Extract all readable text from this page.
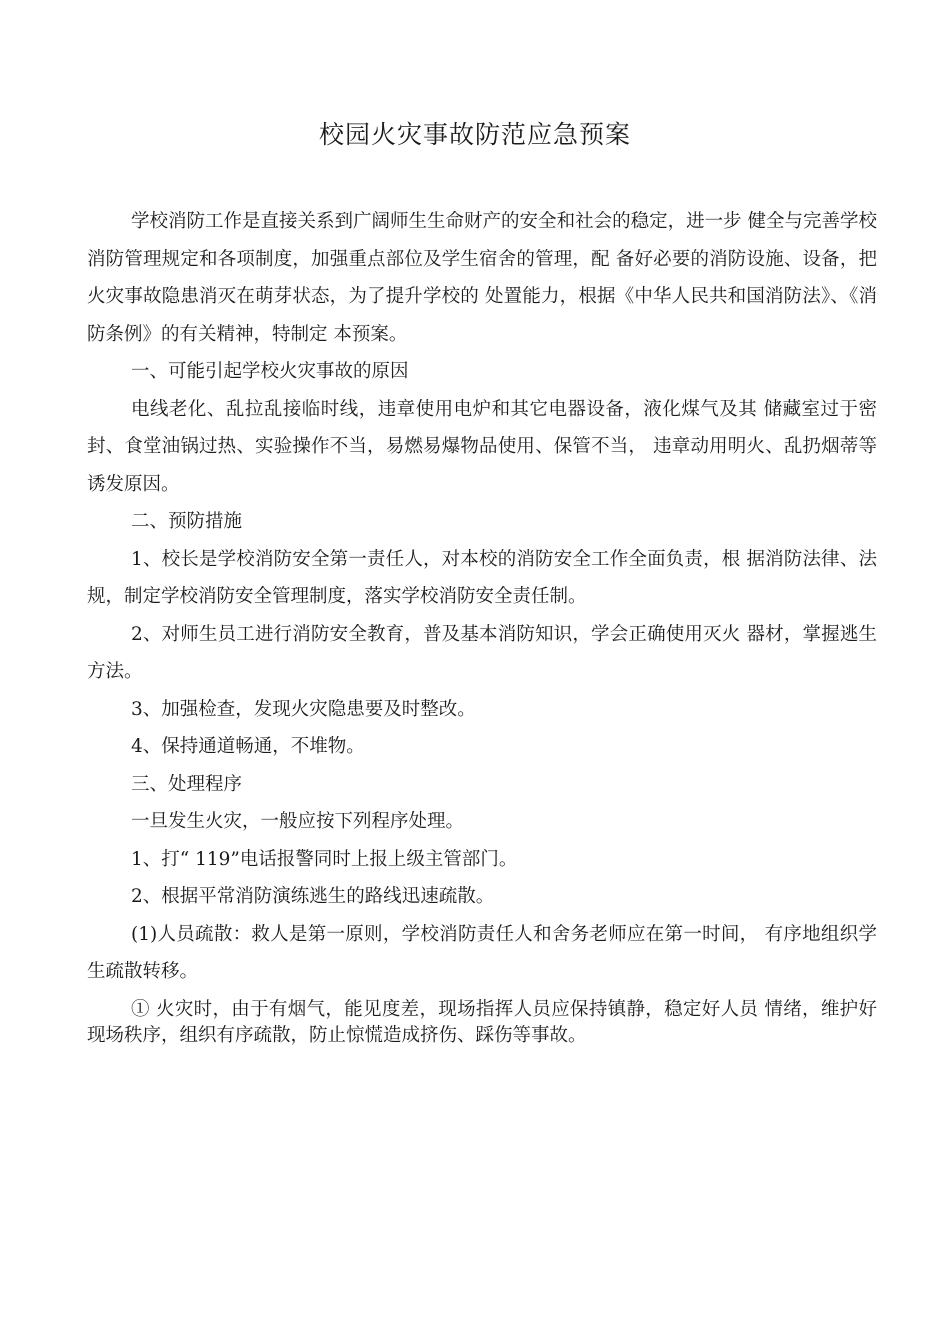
校园火灾事故防范应急预案

学校消防工作是直接关系到广阔师生生命财产的安全和社会的稳定，进一步 健全与完善学校消防管理规定和各项制度，加强重点部位及学生宿舍的管理，配 备好必要的消防设施、设备，把火灾事故隐患消灭在萌芽状态，为了提升学校的 处置能力，根据《中华人民共和国消防法》、《消防条例》的有关精神，特制定 本预案。

一、可能引起学校火灾事故的原因

电线老化、乱拉乱接临时线，违章使用电炉和其它电器设备，液化煤气及其 储藏室过于密封、食堂油锅过热、实验操作不当，易燃易爆物品使用、保管不当， 违章动用明火、乱扔烟蒂等诱发原因。

二、预防措施

1、校长是学校消防安全第一责任人，对本校的消防安全工作全面负责，根 据消防法律、法规，制定学校消防安全管理制度，落实学校消防安全责任制。

2、对师生员工进行消防安全教育，普及基本消防知识，学会正确使用灭火 器材，掌握逃生方法。

3、加强检查，发现火灾隐患要及时整改。

4、保持通道畅通，不堆物。

三、处理程序

一旦发生火灾，一般应按下列程序处理。

1、打“ 119”电话报警同时上报上级主管部门。

2、根据平常消防演练逃生的路线迅速疏散。

(1)人员疏散：救人是第一原则，学校消防责任人和舍务老师应在第一时间， 有序地组织学生疏散转移。

① 火灾时，由于有烟气，能见度差，现场指挥人员应保持镇静，稳定好人员 情绪，维护好现场秩序，组织有序疏散，防止惊慌造成挤伤、踩伤等事故。
